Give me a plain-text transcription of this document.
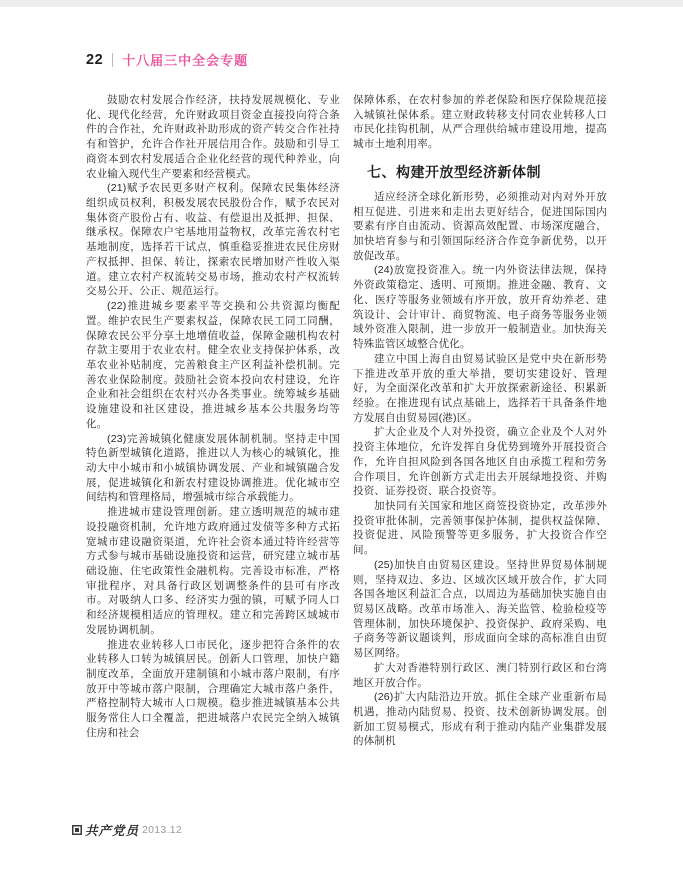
22 十八届三中全会专题

鼓励农村发展合作经济，扶持发展规模化、专业化、现代化经营，允许财政项目资金直接投向符合条件的合作社，允许财政补助形成的资产转交合作社持有和管护，允许合作社开展信用合作。鼓励和引导工商资本到农村发展适合企业化经营的现代种养业，向农业输入现代生产要素和经营模式。

(21)赋予农民更多财产权利。保障农民集体经济组织成员权利，积极发展农民股份合作，赋予农民对集体资产股份占有、收益、有偿退出及抵押、担保、继承权。保障农户宅基地用益物权，改革完善农村宅基地制度，选择若干试点，慎重稳妥推进农民住房财产权抵押、担保、转让，探索农民增加财产性收入渠道。建立农村产权流转交易市场，推动农村产权流转交易公开、公正、规范运行。

(22)推进城乡要素平等交换和公共资源均衡配置。维护农民生产要素权益，保障农民工同工同酬，保障农民公平分享土地增值收益，保障金融机构农村存款主要用于农业农村。健全农业支持保护体系，改革农业补贴制度，完善粮食主产区利益补偿机制。完善农业保险制度。鼓励社会资本投向农村建设，允许企业和社会组织在农村兴办各类事业。统筹城乡基础设施建设和社区建设，推进城乡基本公共服务均等化。

(23)完善城镇化健康发展体制机制。坚持走中国特色新型城镇化道路，推进以人为核心的城镇化，推动大中小城市和小城镇协调发展、产业和城镇融合发展，促进城镇化和新农村建设协调推进。优化城市空间结构和管理格局，增强城市综合承载能力。

推进城市建设管理创新。建立透明规范的城市建设投融资机制，允许地方政府通过发债等多种方式拓宽城市建设融资渠道，允许社会资本通过特许经营等方式参与城市基础设施投资和运营，研究建立城市基础设施、住宅政策性金融机构。完善设市标准，严格审批程序，对具备行政区划调整条件的县可有序改市。对吸纳人口多、经济实力强的镇，可赋予同人口和经济规模相适应的管理权。建立和完善跨区域城市发展协调机制。

推进农业转移人口市民化，逐步把符合条件的农业转移人口转为城镇居民。创新人口管理，加快户籍制度改革，全面放开建制镇和小城市落户限制，有序放开中等城市落户限制，合理确定大城市落户条件，严格控制特大城市人口规模。稳步推进城镇基本公共服务常住人口全覆盖，把进城落户农民完全纳入城镇住房和社会

保障体系，在农村参加的养老保险和医疗保险规范接入城镇社保体系。建立财政转移支付同农业转移人口市民化挂钩机制，从严合理供给城市建设用地，提高城市土地利用率。

七、构建开放型经济新体制

适应经济全球化新形势，必须推动对内对外开放相互促进、引进来和走出去更好结合，促进国际国内要素有序自由流动、资源高效配置、市场深度融合，加快培育参与和引领国际经济合作竞争新优势，以开放促改革。

(24)放宽投资准入。统一内外资法律法规，保持外资政策稳定、透明、可预期。推进金融、教育、文化、医疗等服务业领域有序开放，放开育幼养老、建筑设计、会计审计、商贸物流、电子商务等服务业领域外资准入限制，进一步放开一般制造业。加快海关特殊监管区域整合优化。

建立中国上海自由贸易试验区是党中央在新形势下推进改革开放的重大举措，要切实建设好、管理好，为全面深化改革和扩大开放探索新途径、积累新经验。在推进现有试点基础上，选择若干具备条件地方发展自由贸易园(港)区。

扩大企业及个人对外投资，确立企业及个人对外投资主体地位，允许发挥自身优势到境外开展投资合作，允许自担风险到各国各地区自由承揽工程和劳务合作项目，允许创新方式走出去开展绿地投资、并购投资、证券投资、联合投资等。

加快同有关国家和地区商签投资协定，改革涉外投资审批体制，完善领事保护体制，提供权益保障、投资促进、风险预警等更多服务，扩大投资合作空间。

(25)加快自由贸易区建设。坚持世界贸易体制规则，坚持双边、多边、区域次区域开放合作，扩大同各国各地区利益汇合点，以周边为基础加快实施自由贸易区战略。改革市场准入、海关监管、检验检疫等管理体制，加快环境保护、投资保护、政府采购、电子商务等新议题谈判，形成面向全球的高标准自由贸易区网络。

扩大对香港特别行政区、澳门特别行政区和台湾地区开放合作。

(26)扩大内陆沿边开放。抓住全球产业重新布局机遇，推动内陆贸易、投资、技术创新协调发展。创新加工贸易模式，形成有利于推动内陆产业集群发展的体制机

共产党员 2013.12
